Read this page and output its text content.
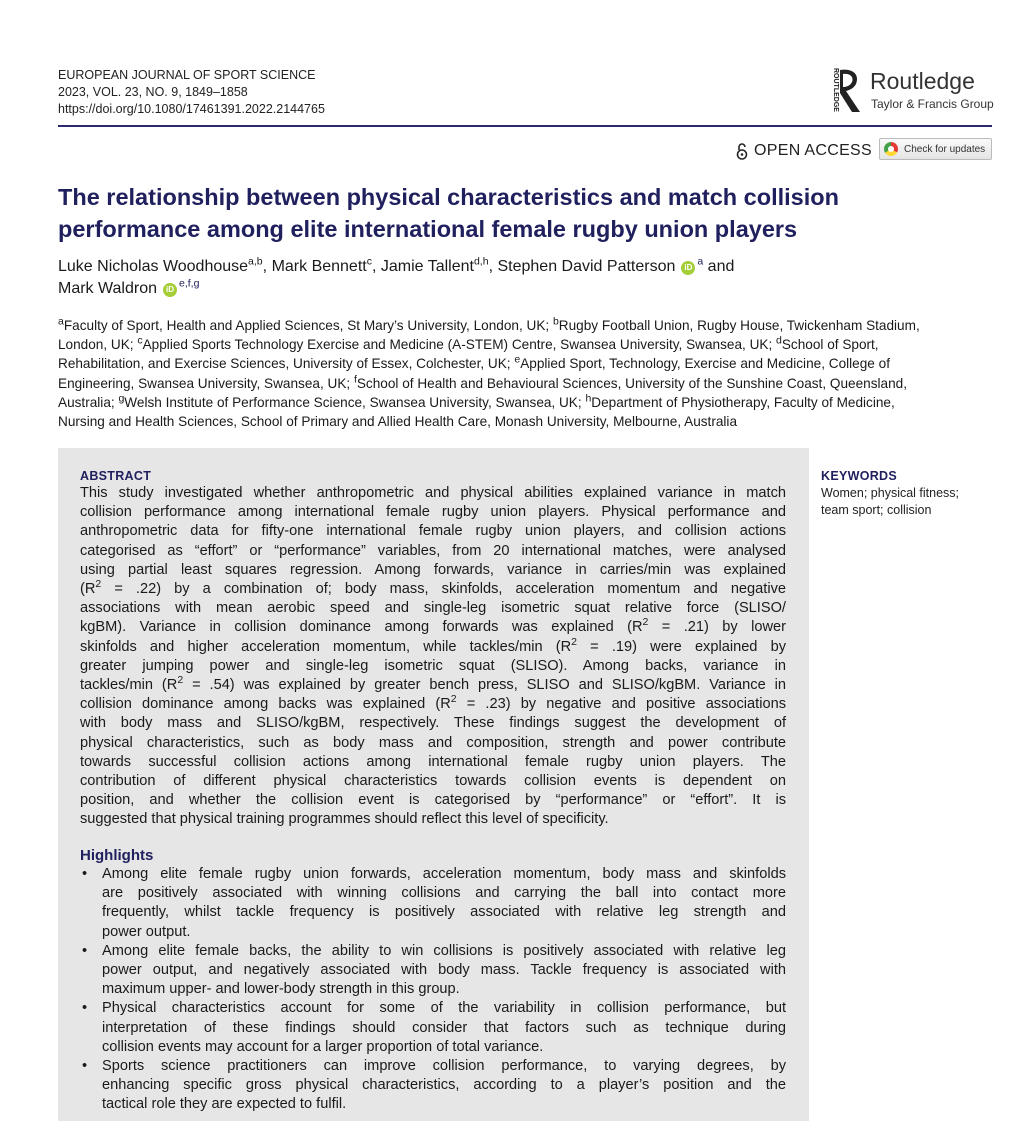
EUROPEAN JOURNAL OF SPORT SCIENCE
2023, VOL. 23, NO. 9, 1849–1858
https://doi.org/10.1080/17461391.2022.2144765	ROUTLEDGE Routledge
Taylor & Francis Group
OPEN ACCESS	Check for updates
The relationship between physical characteristics and match collision
performance among elite international female rugby union players
Luke Nicholas Woodhouse$^{a,b}$, Mark Bennett$^c$, Jamie Tallent$^{d,h}$, Stephen David Patterson iD $^a$ and
Mark Waldron iD $^{e,f,g}$
$^a$Faculty of Sport, Health and Applied Sciences, St Mary’s University, London, UK; $^b$Rugby Football Union, Rugby House, Twickenham Stadium,
London, UK; $^c$Applied Sports Technology Exercise and Medicine (A-STEM) Centre, Swansea University, Swansea, UK; $^d$School of Sport,
Rehabilitation, and Exercise Sciences, University of Essex, Colchester, UK; $^e$Applied Sport, Technology, Exercise and Medicine, College of
Engineering, Swansea University, Swansea, UK; $^f$School of Health and Behavioural Sciences, University of the Sunshine Coast, Queensland,
Australia; $^g$Welsh Institute of Performance Science, Swansea University, Swansea, UK; $^h$Department of Physiotherapy, Faculty of Medicine,
Nursing and Health Sciences, School of Primary and Allied Health Care, Monash University, Melbourne, Australia
ABSTRACT
This study investigated whether anthropometric and physical abilities explained variance in match
collision performance among international female rugby union players. Physical performance and
anthropometric data for fifty-one international female rugby union players, and collision actions
categorised as “effort” or “performance” variables, from 20 international matches, were analysed
using partial least squares regression. Among forwards, variance in carries/min was explained
$(R^2 = .22)$ by a combination of; body mass, skinfolds, acceleration momentum and negative
associations with mean aerobic speed and single-leg isometric squat relative force (SLISO/
kgBM). Variance in collision dominance among forwards was explained $(R^2 = .21)$ by lower
skinfolds and higher acceleration momentum, while tackles/min $(R^2 = .19)$ were explained by
greater jumping power and single-leg isometric squat (SLISO). Among backs, variance in
tackles/min $(R^2 = .54)$ was explained by greater bench press, SLISO and SLISO/kgBM. Variance in
collision dominance among backs was explained $(R^2 = .23)$ by negative and positive associations
with body mass and SLISO/kgBM, respectively. These findings suggest the development of
physical characteristics, such as body mass and composition, strength and power contribute
towards successful collision actions among international female rugby union players. The
contribution of different physical characteristics towards collision events is dependent on
position, and whether the collision event is categorised by “performance” or “effort”. It is
suggested that physical training programmes should reflect this level of specificity.
Highlights
• Among elite female rugby union forwards, acceleration momentum, body mass and skinfolds
are positively associated with winning collisions and carrying the ball into contact more
frequently, whilst tackle frequency is positively associated with relative leg strength and
power output.
• Among elite female backs, the ability to win collisions is positively associated with relative leg
power output, and negatively associated with body mass. Tackle frequency is associated with
maximum upper- and lower-body strength in this group.
• Physical characteristics account for some of the variability in collision performance, but
interpretation of these findings should consider that factors such as technique during
collision events may account for a larger proportion of total variance.
• Sports science practitioners can improve collision performance, to varying degrees, by
enhancing specific gross physical characteristics, according to a player’s position and the
tactical role they are expected to fulfil.
KEYWORDS
Women; physical fitness;
team sport; collision
